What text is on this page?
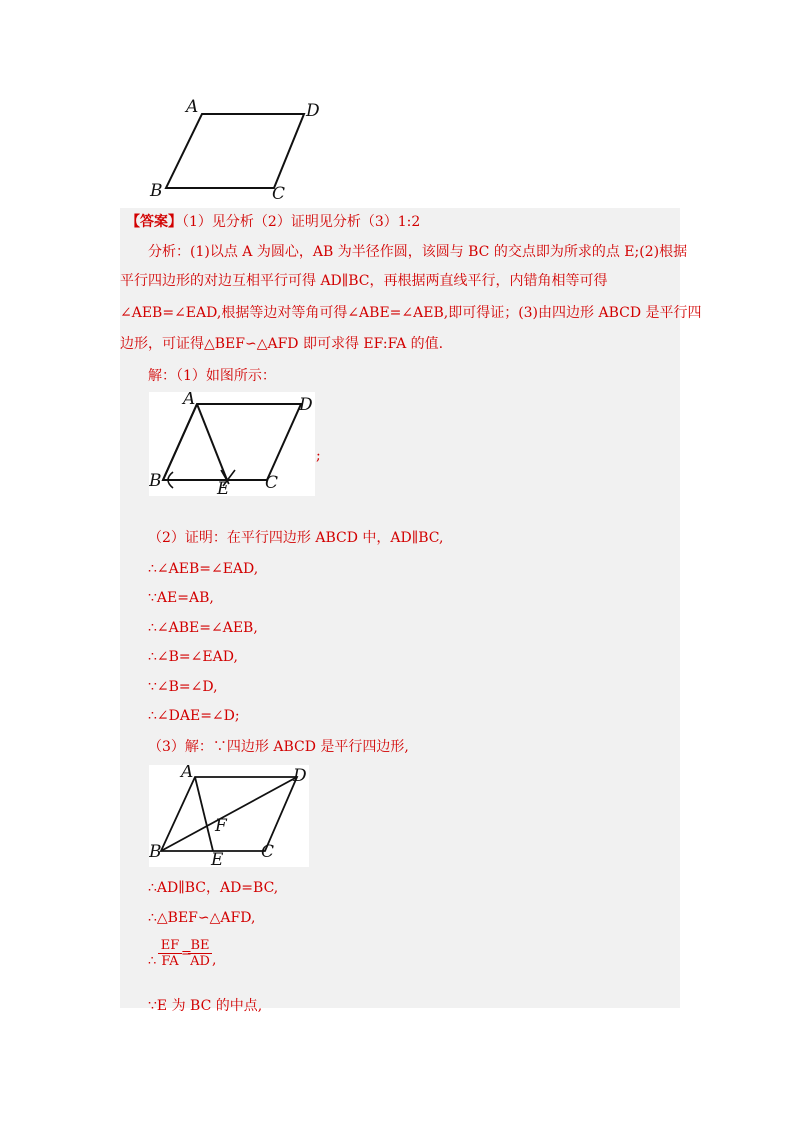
A	D
B	C
【答案】（1）见分析（2）证明见分析（3）1:2
分析：(1)以点 A 为圆心，AB 为半径作圆，该圆与 BC 的交点即为所求的点 E;(2)根据
平行四边形的对边互相平行可得 AD∥BC，再根据两直线平行，内错角相等可得
∠AEB=∠EAD,根据等边对等角可得∠ABE=∠AEB,即可得证；(3)由四边形 ABCD 是平行四
边形，可证得△BEF∽△AFD 即可求得 EF:FA 的值.
解：（1）如图所示：
A	D
B	E C
;
（2）证明：在平行四边形 ABCD 中，AD∥BC,
∴∠AEB=∠EAD,
∵AE=AB,
∴∠ABE=∠AEB,
∴∠B=∠EAD,
∵∠B=∠D,
∴∠DAE=∠D;
（3）解：∵四边形 ABCD 是平行四边形,
A	D
F
B	E C
∴AD∥BC，AD=BC,
∴△BEF∽△AFD,
∴
EF
FA
=
BE
AD ,
∵E 为 BC 的中点,
